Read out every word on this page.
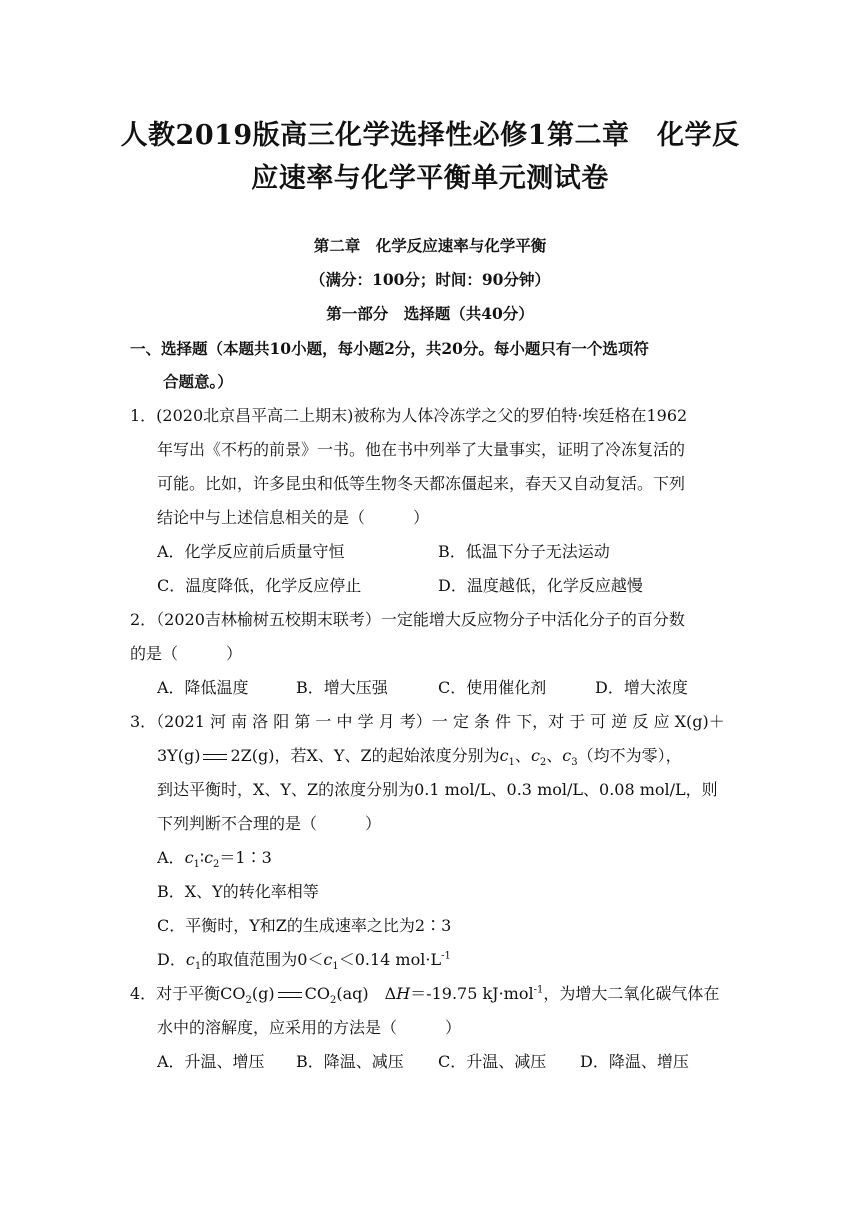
人教2019版高三化学选择性必修1第二章　化学反
应速率与化学平衡单元测试卷
第二章　化学反应速率与化学平衡
（满分：100分；时间：90分钟）
第一部分　选择题（共40分）
一、选择题（本题共10小题，每小题2分，共20分。每小题只有一个选项符
合题意。）
1．(2020北京昌平高二上期末)被称为人体冷冻学之父的罗伯特·埃廷格在1962
年写出《不朽的前景》一书。他在书中列举了大量事实，证明了冷冻复活的
可能。比如，许多昆虫和低等生物冬天都冻僵起来，春天又自动复活。下列
结论中与上述信息相关的是（　　　）
A．化学反应前后质量守恒	B．低温下分子无法运动
C．温度降低，化学反应停止	D．温度越低，化学反应越慢
2．（2020吉林榆树五校期末联考）一定能增大反应物分子中活化分子的百分数
的是（　　　）
A．降低温度	B．增大压强	C．使用催化剂	D．增大浓度
3．（2021 河 南 洛 阳 第 一 中 学 月 考）一 定 条 件 下，对 于 可 逆 反 应 X(g)＋
3Y(g) 2Z(g)，若X、Y、Z的起始浓度分别为$c_1$、$c_2$、$c_3$（均不为零），
到达平衡时，X、Y、Z的浓度分别为0.1 mol/L、0.3 mol/L、0.08 mol/L，则
下列判断不合理的是（　　　）
A．$c_1∶c_2=1∶3$
B．X、Y的转化率相等
C．平衡时，Y和Z的生成速率之比为2∶3
D．$c_1$的取值范围为$0<c_1<0.14$ $mol\cdot L^{-1}$
4．对于平衡$CO_2(g)$ $CO_2(aq)$　ΔH＝-19.75 kJ·mol$^{-1}$，为增大二氧化碳气体在
水中的溶解度，应采用的方法是（　　　）
A．升温、增压 B．降温、减压 C．升温、减压 D．降温、增压
